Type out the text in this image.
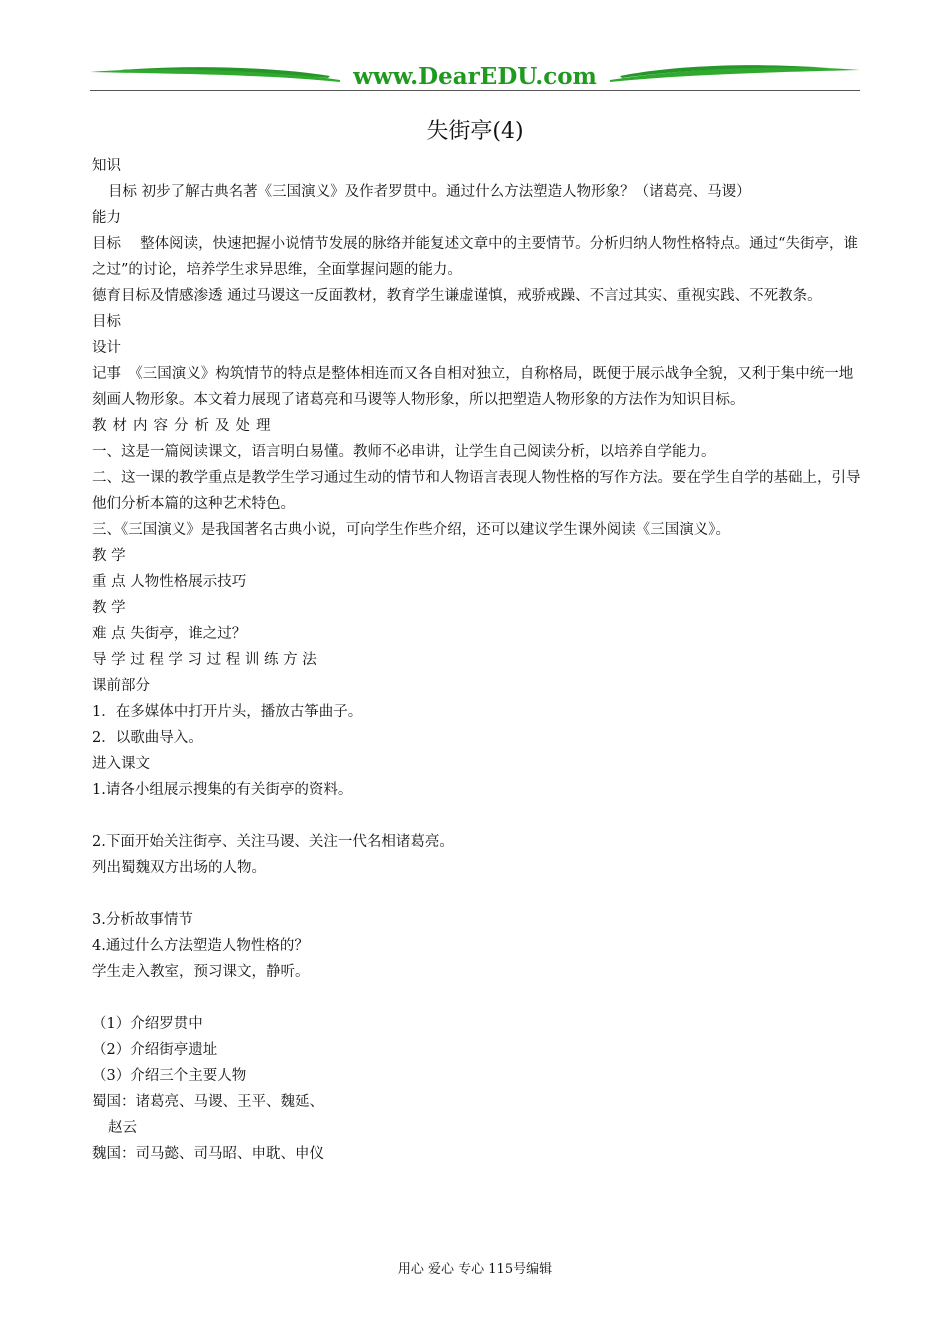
www.DearEDU.com
失街亭(4)

知识

目标 初步了解古典名著《三国演义》及作者罗贯中。通过什么方法塑造人物形象？（诸葛亮、马谡）

能力

目标　 整体阅读，快速把握小说情节发展的脉络并能复述文章中的主要情节。分析归纳人物性格特点。通过“失街亭，谁之过”的讨论，培养学生求异思维，全面掌握问题的能力。

德育目标及情感渗透 通过马谡这一反面教材，教育学生谦虚谨慎，戒骄戒躁、不言过其实、重视实践、不死教条。

目标

设计

记事　《三国演义》构筑情节的特点是整体相连而又各自相对独立，自称格局，既便于展示战争全貌，又利于集中统一地刻画人物形象。本文着力展现了诸葛亮和马谡等人物形象，所以把塑造人物形象的方法作为知识目标。

教材内容分析及处理

一、这是一篇阅读课文，语言明白易懂。教师不必串讲，让学生自己阅读分析，以培养自学能力。

二、这一课的教学重点是教学生学习通过生动的情节和人物语言表现人物性格的写作方法。要在学生自学的基础上，引导他们分析本篇的这种艺术特色。

三、《三国演义》是我国著名古典小说，可向学生作些介绍，还可以建议学生课外阅读《三国演义》。

教 学

重 点 人物性格展示技巧

教 学

难 点 失街亭，谁之过？

导 学 过 程 学 习 过 程 训 练 方 法

课前部分

1．在多媒体中打开片头，播放古筝曲子。

2．以歌曲导入。

进入课文

1.请各小组展示搜集的有关街亭的资料。

2.下面开始关注街亭、关注马谡、关注一代名相诸葛亮。

列出蜀魏双方出场的人物。

3.分析故事情节

4.通过什么方法塑造人物性格的？

学生走入教室，预习课文，静听。

（1）介绍罗贯中

（2）介绍街亭遗址

（3）介绍三个主要人物

蜀国：诸葛亮、马谡、王平、魏延、

赵云

魏国：司马懿、司马昭、申耽、申仪

用心 爱心 专心 115号编辑
